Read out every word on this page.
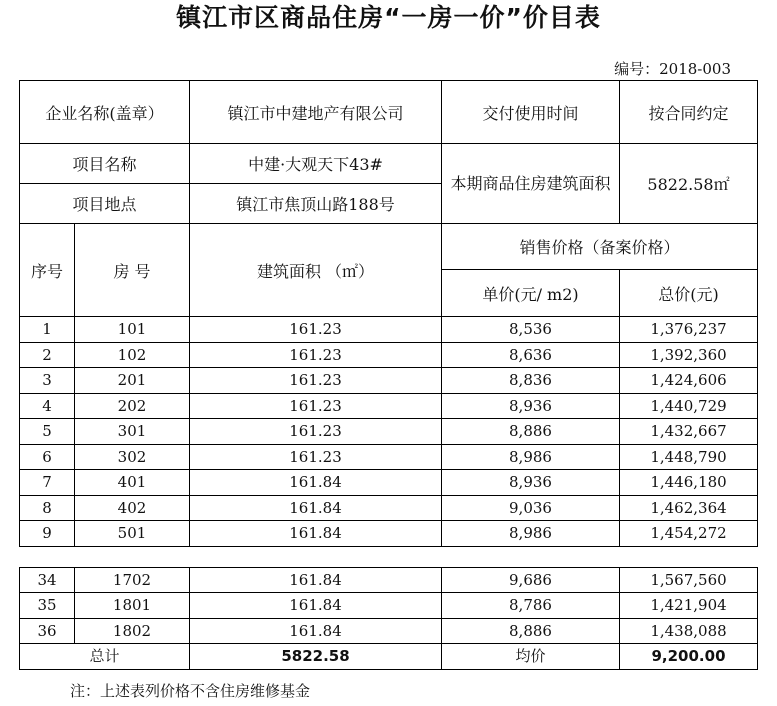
镇江市区商品住房“一房一价”价目表
编号：2018-003
企业名称(盖章）		镇江市中建地产有限公司	交付使用时间	按合同约定
项目名称		中建·大观天下43#	本期商品住房建筑面积	5822.58㎡
项目地点		镇江市焦顶山路188号		
序号	房 号	建筑面积 （㎡）	销售价格（备案价格）	
			单价(元/ m2)	总价(元)
1	101	161.23	8,536	1,376,237
2	102	161.23	8,636	1,392,360
3	201	161.23	8,836	1,424,606
4	202	161.23	8,936	1,440,729
5	301	161.23	8,886	1,432,667
6	302	161.23	8,986	1,448,790
7	401	161.84	8,936	1,446,180
8	402	161.84	9,036	1,462,364
9	501	161.84	8,986	1,454,272

34	1702	161.84	9,686	1,567,560
35	1801	161.84	8,786	1,421,904
36	1802	161.84	8,886	1,438,088
总计		5822.58	均价	9,200.00
注：上述表列价格不含住房维修基金
